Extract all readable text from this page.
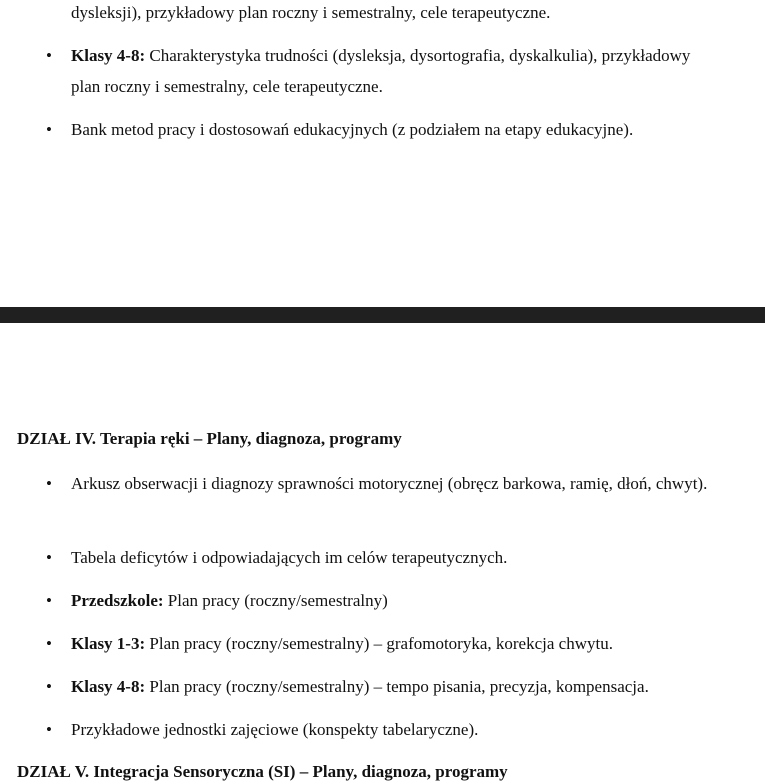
dysleksji), przykładowy plan roczny i semestralny, cele terapeutyczne.
• Klasy 4-8: Charakterystyka trudności (dysleksja, dysortografia, dyskalkulia), przykładowy plan roczny i semestralny, cele terapeutyczne.
• Bank metod pracy i dostosowań edukacyjnych (z podziałem na etapy edukacyjne).
DZIAŁ IV. Terapia ręki – Plany, diagnoza, programy
• Arkusz obserwacji i diagnozy sprawności motorycznej (obręcz barkowa, ramię, dłoń, chwyt).
• Tabela deficytów i odpowiadających im celów terapeutycznych.
• Przedszkole: Plan pracy (roczny/semestralny)
• Klasy 1-3: Plan pracy (roczny/semestralny) – grafomotoryka, korekcja chwytu.
• Klasy 4-8: Plan pracy (roczny/semestralny) – tempo pisania, precyzja, kompensacja.
• Przykładowe jednostki zajęciowe (konspekty tabelaryczne).
DZIAŁ V. Integracja Sensoryczna (SI) – Plany, diagnoza, programy
